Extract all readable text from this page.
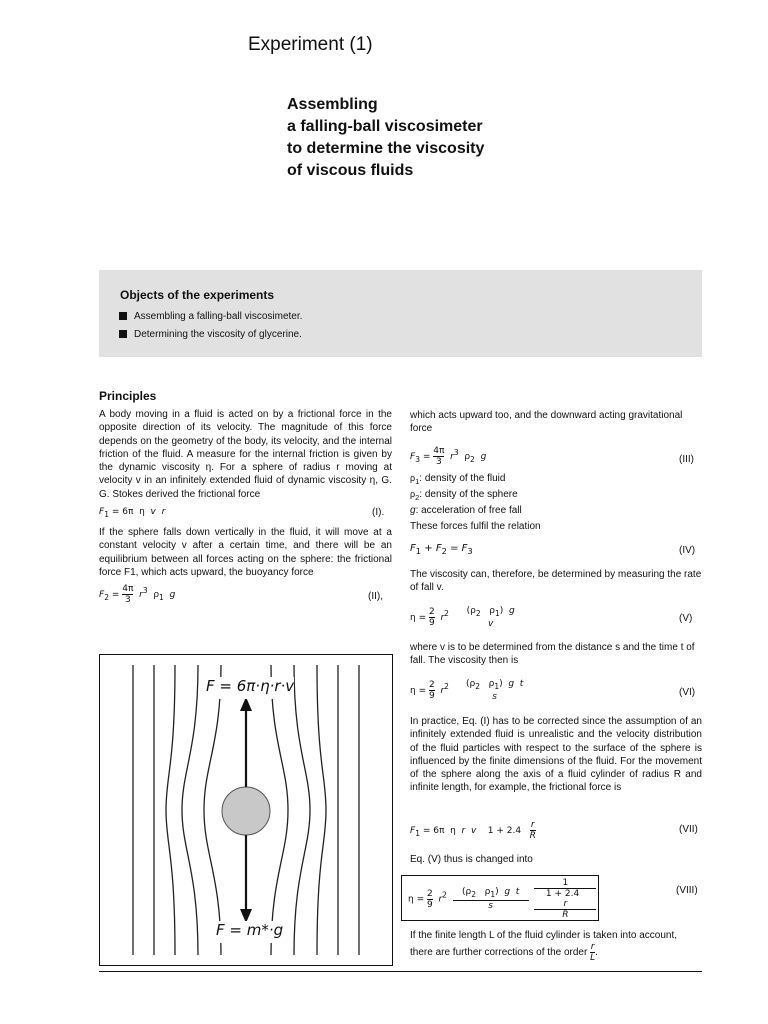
Experiment (1)
Assembling
a falling-ball viscosimeter
to determine the viscosity
of viscous fluids
Objects of the experiments
Assembling a falling-ball viscosimeter.
Determining the viscosity of glycerine.
Principles
A body moving in a fluid is acted on by a frictional force in the opposite direction of its velocity. The magnitude of this force depends on the geometry of the body, its velocity, and the internal friction of the fluid. A measure for the internal friction is given by the dynamic viscosity η. For a sphere of radius r moving at velocity v in an infinitely extended fluid of dynamic viscosity η, G. G. Stokes derived the frictional force
$F_1 = 6\pi$  η  v r	(I).
If the sphere falls down vertically in the fluid, it will move at a constant velocity v after a certain time, and there will be an equilibrium between all forces acting on the sphere: the frictional force F1, which acts upward, the buoyancy force
$F_2 = \frac{4\pi}{3} r^3$  $\rho_1$ g	(II),
F = 6π·η·r·v
F = m*·g
which acts upward too, and the downward acting gravitational force
$F_3 = \frac{4\pi}{3} r^3$  $\rho_2$ g	(III)
$\rho_1$: density of the fluid
$\rho_2$: density of the sphere
g: acceleration of free fall
These forces fulfil the relation
$F_1 + F_2 = F_3$	(IV)
The viscosity can, therefore, be determined by measuring the rate of fall v.
$\eta = \frac{2}{9} r^2$	($\rho_2$   $\rho_1$)  g
v	(V)
where v is to be determined from the distance s and the time t of fall. The viscosity then is
$\eta = \frac{2}{9} r^2$	($\rho_2$   $\rho_1$)  g t
s	(VI)
In practice, Eq. (I) has to be corrected since the assumption of an infinitely extended fluid is unrealistic and the velocity distribution of the fluid particles with respect to the surface of the sphere is influenced by the finite dimensions of the fluid. For the movement of the sphere along the axis of a fluid cylinder of radius R and infinite length, for example, the frictional force is
$F_1 = 6\pi$  η  r v    $1 + 2.4 \frac{r}{R}$	(VII)
Eq. (V) thus is changed into
$\eta = \frac{2}{9} r^2 \frac{(\rho_2 \rho_1) g t}{s}$
1
1 + 2.4
r
R	(VIII)
If the finite length L of the fluid cylinder is taken into account, there are further corrections of the order $\frac{r}{L}$ .
